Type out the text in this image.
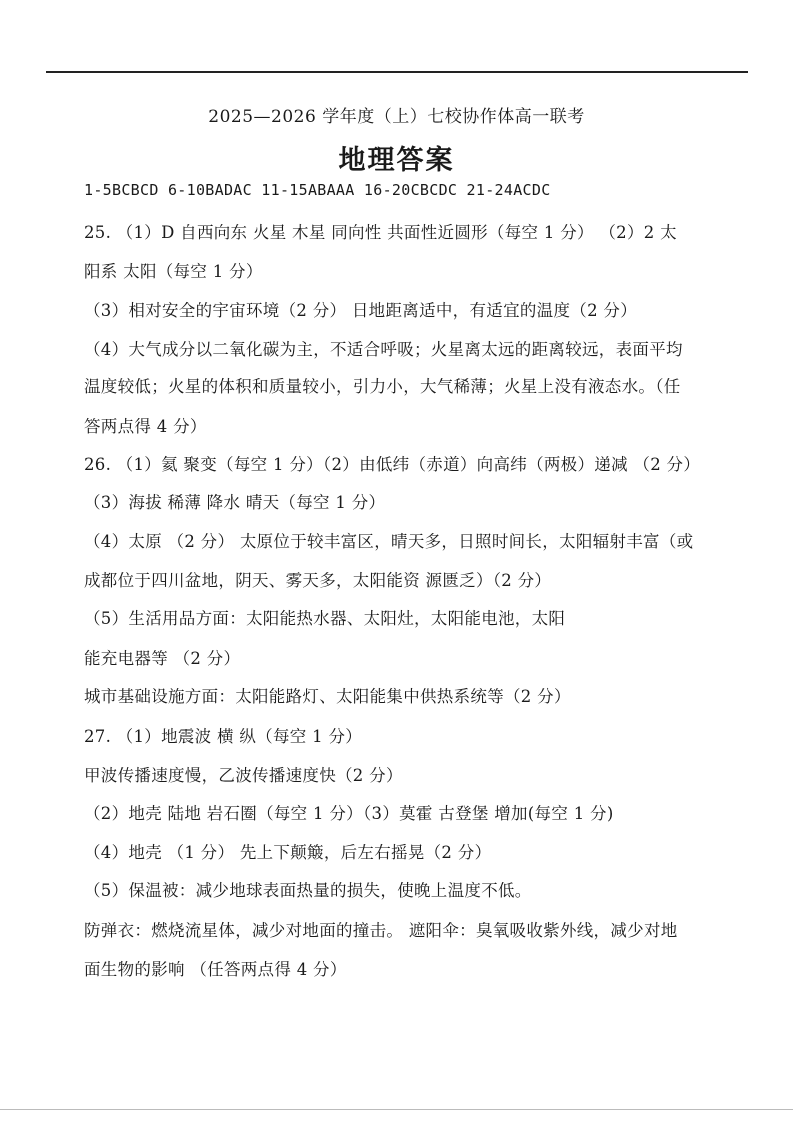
2025—2026 学年度（上）七校协作体高一联考
地理答案
1-5BCBCD 6-10BADAC 11-15ABAAA 16-20CBCDC 21-24ACDC
25. （1）D 自西向东 火星 木星 同向性 共面性近圆形（每空 1 分） （2）2 太
阳系 太阳（每空 1 分）
（3）相对安全的宇宙环境（2 分） 日地距离适中，有适宜的温度（2 分）
（4）大气成分以二氧化碳为主，不适合呼吸；火星离太远的距离较远，表面平均
温度较低；火星的体积和质量较小，引力小，大气稀薄；火星上没有液态水。（任
答两点得 4 分）
26. （1）氦 聚变（每空 1 分）（2）由低纬（赤道）向高纬（两极）递减 （2 分）
（3）海拔 稀薄 降水 晴天（每空 1 分）
（4）太原 （2 分） 太原位于较丰富区，晴天多，日照时间长，太阳辐射丰富（或
成都位于四川盆地，阴天、雾天多，太阳能资 源匮乏）（2 分）
（5）生活用品方面：太阳能热水器、太阳灶，太阳能电池，太阳
能充电器等 （2 分）
城市基础设施方面：太阳能路灯、太阳能集中供热系统等（2 分）
27. （1）地震波 横 纵（每空 1 分）
甲波传播速度慢，乙波传播速度快（2 分）
（2）地壳 陆地 岩石圈（每空 1 分）（3）莫霍 古登堡 增加(每空 1 分)
（4）地壳 （1 分） 先上下颠簸，后左右摇晃（2 分）
（5）保温被：减少地球表面热量的损失，使晚上温度不低。
防弹衣：燃烧流星体，减少对地面的撞击。 遮阳伞：臭氧吸收紫外线，减少对地
面生物的影响 （任答两点得 4 分）
